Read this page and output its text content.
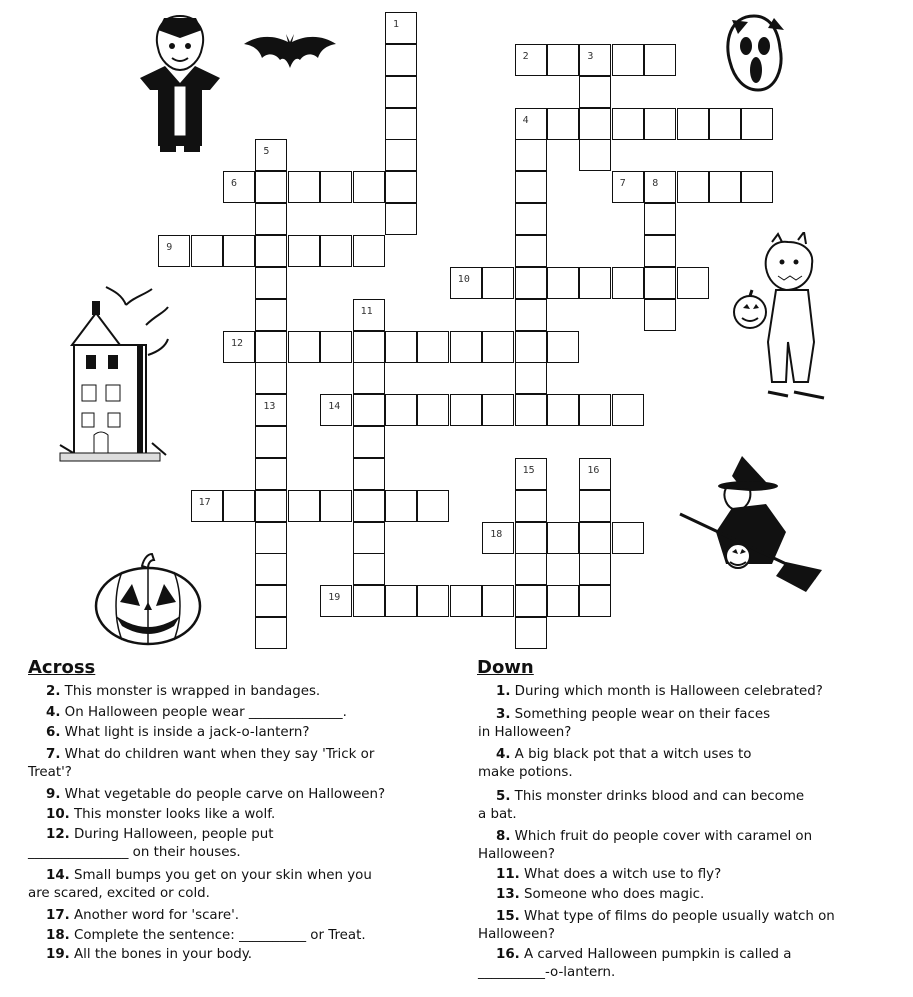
1
2	3
4
5
6	7	8
9
10
11
12
13	14
15	16
17
18
19
Across	Down
2. This monster is wrapped in bandages.
4. On Halloween people wear ______________.
6. What light is inside a jack-o-lantern?
7. What do children want when they say 'Trick or
Treat'?
9. What vegetable do people carve on Halloween?
10. This monster looks like a wolf.
12. During Halloween, people put
_______________ on their houses.
14. Small bumps you get on your skin when you
are scared, excited or cold.
17. Another word for 'scare'.
18. Complete the sentence: __________ or Treat.
19. All the bones in your body.
1. During which month is Halloween celebrated?
3. Something people wear on their faces
in Halloween?
4. A big black pot that a witch uses to
make potions.
5. This monster drinks blood and can become
a bat.
8. Which fruit do people cover with caramel on
Halloween?
11. What does a witch use to fly?
13. Someone who does magic.
15. What type of films do people usually watch on
Halloween?
16. A carved Halloween pumpkin is called a
__________-o-lantern.
